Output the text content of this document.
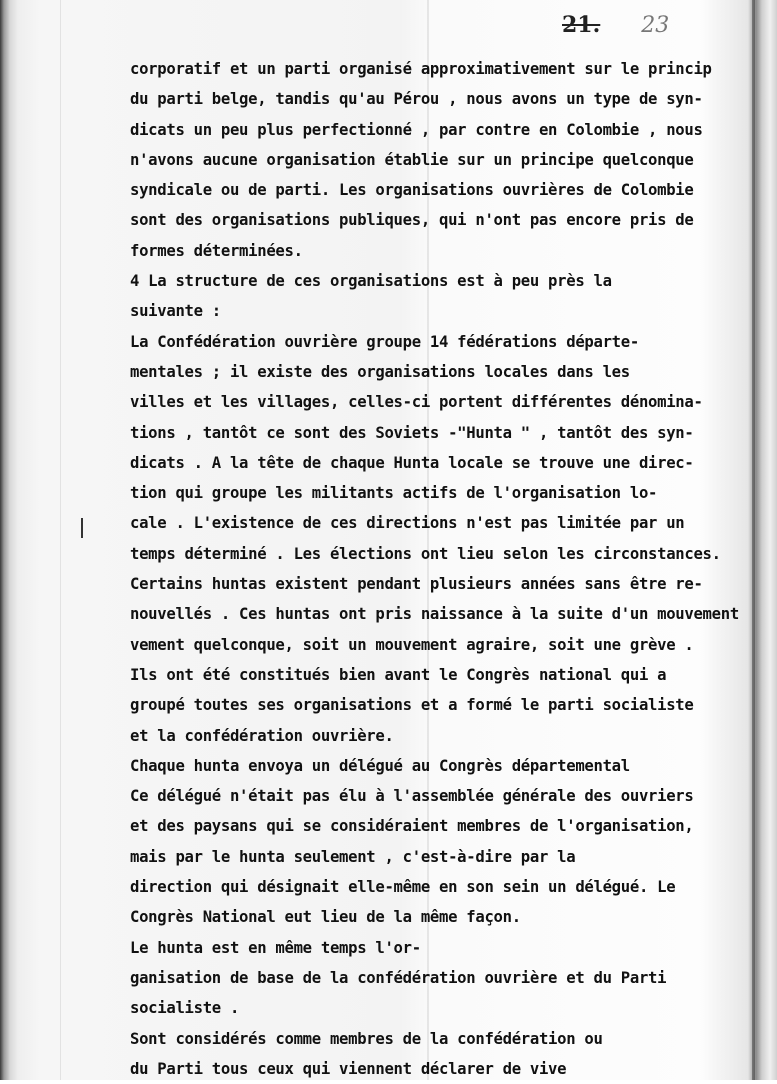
21. 23
corporatif et un parti organisé approximativement sur le princip
du parti belge, tandis qu'au Pérou , nous avons un type de syn-
dicats un peu plus perfectionné , par contre en Colombie , nous
n'avons aucune organisation établie sur un principe quelconque
syndicale ou de parti. Les organisations ouvrières de Colombie
sont des organisations publiques, qui n'ont pas encore pris de
formes déterminées.
4 La structure de ces organisations est à peu près la
suivante :
La Confédération ouvrière groupe 14 fédérations départe-
mentales ; il existe des organisations locales dans les
villes et les villages, celles-ci portent différentes dénomina-
tions , tantôt ce sont des Soviets -"Hunta " , tantôt des syn-
dicats . A la tête de chaque Hunta locale se trouve une direc-
tion qui groupe les militants actifs de l'organisation lo-
cale . L'existence de ces directions n'est pas limitée par un
temps déterminé . Les élections ont lieu selon les circonstances.
Certains huntas existent pendant plusieurs années sans être re-
nouvellés . Ces huntas ont pris naissance à la suite d'un mouvement
vement quelconque, soit un mouvement agraire, soit une grève .
Ils ont été constitués bien avant le Congrès national qui a
groupé toutes ses organisations et a formé le parti socialiste
et la confédération ouvrière.
Chaque hunta envoya un délégué au Congrès départemental
Ce délégué n'était pas élu à l'assemblée générale des ouvriers
et des paysans qui se considéraient membres de l'organisation,
mais par le hunta seulement , c'est-à-dire par la
direction qui désignait elle-même en son sein un délégué. Le
Congrès National eut lieu de la même façon.
Le hunta est en même temps l'or-
ganisation de base de la confédération ouvrière et du Parti
socialiste .
Sont considérés comme membres de la confédération ou
du Parti tous ceux qui viennent déclarer de vive
